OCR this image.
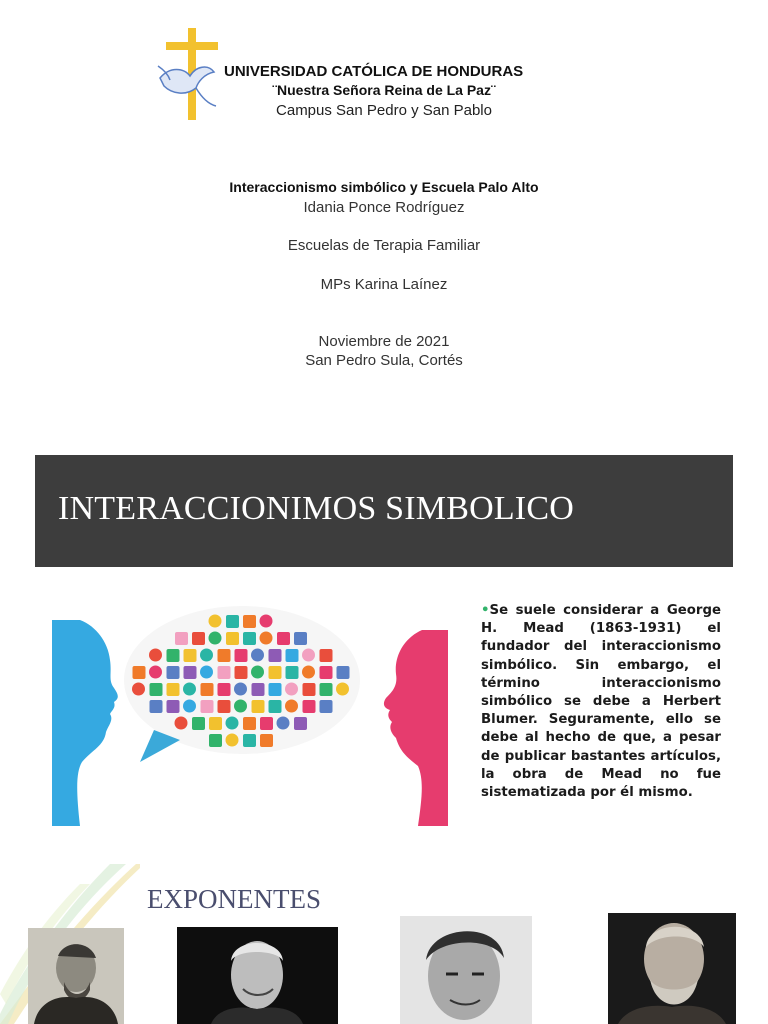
UNIVERSIDAD CATÓLICA DE HONDURAS
¨Nuestra Señora Reina de La Paz¨
Campus San Pedro y San Pablo
Interaccionismo simbólico y Escuela Palo Alto
Idania Ponce Rodríguez
Escuelas de Terapia Familiar
MPs Karina Laínez
Noviembre de 2021
San Pedro Sula, Cortés
INTERACCIONIMOS SIMBOLICO
•Se suele considerar a George H. Mead (1863-1931) el fundador del interaccionismo simbólico. Sin embargo, el término interaccionismo simbólico se debe a Herbert Blumer. Seguramente, ello se debe al hecho de que, a pesar de publicar bastantes artículos, la obra de Mead no fue sistematizada por él mismo.
EXPONENTES
